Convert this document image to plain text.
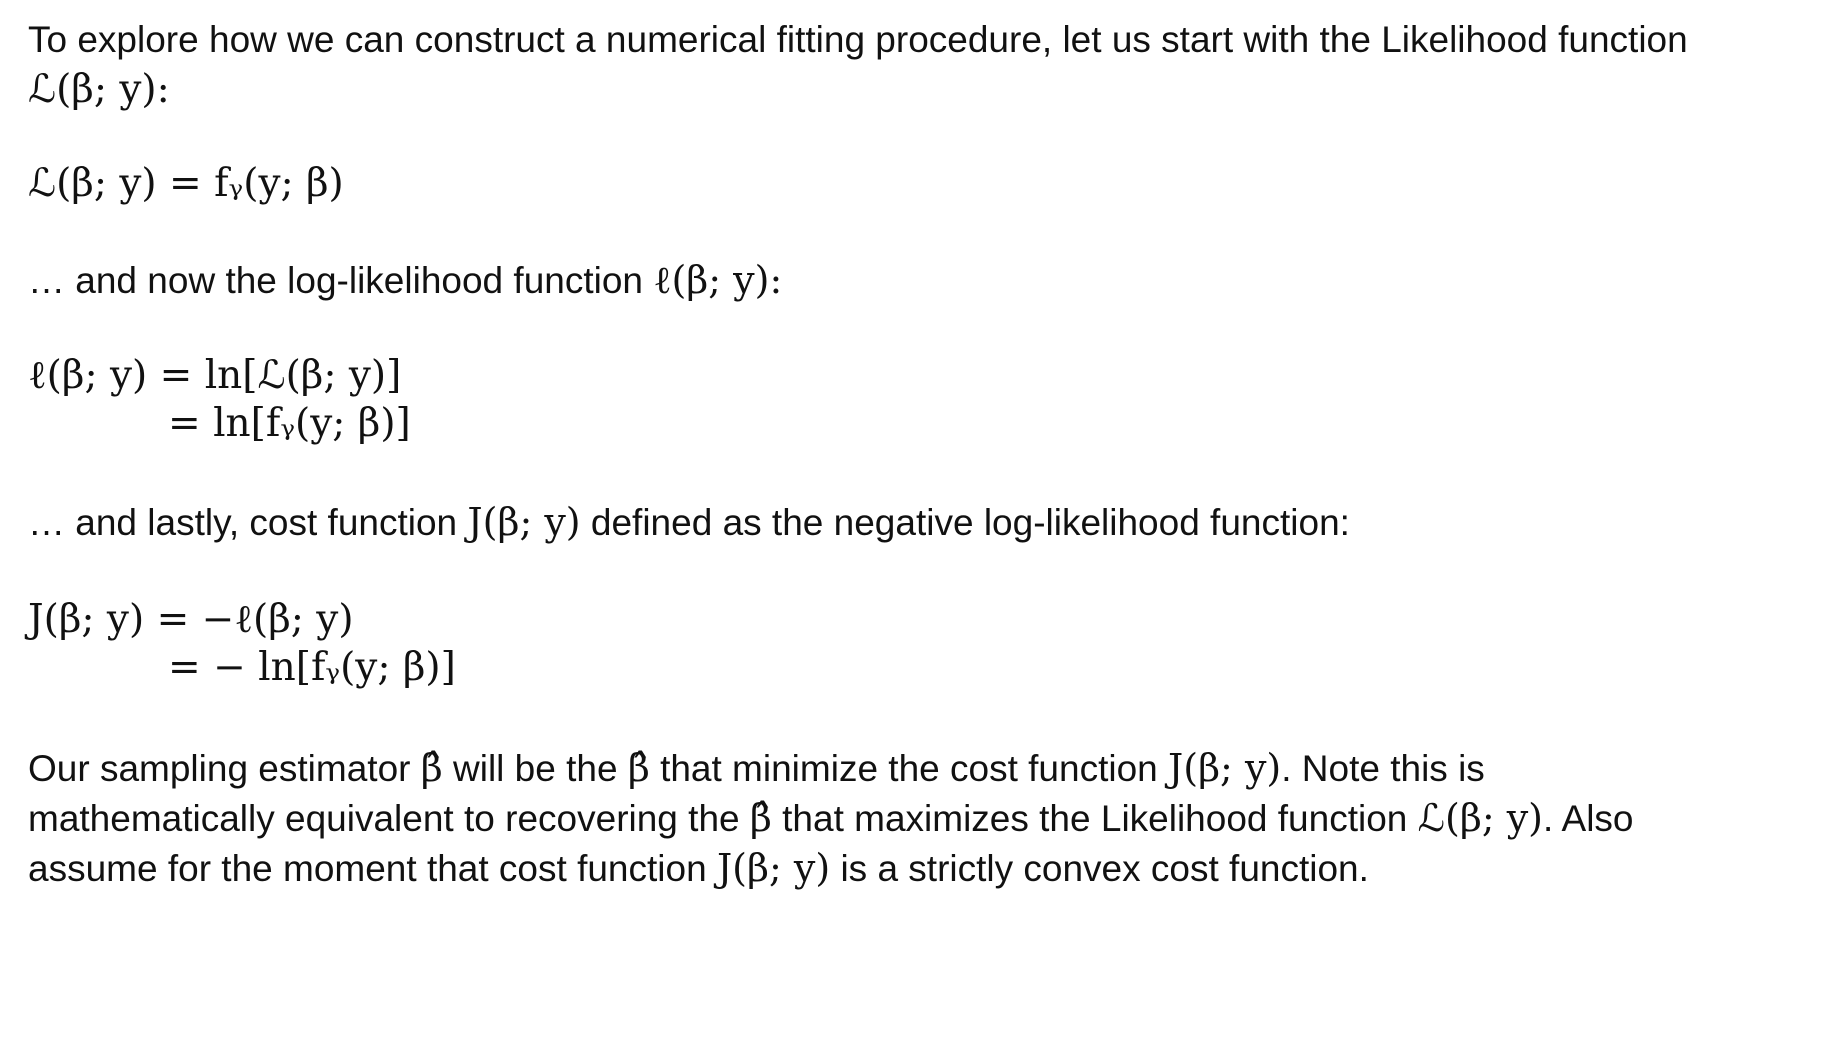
To explore how we can construct a numerical fitting procedure, let us start with the Likelihood function
ℒ(β; y):
ℒ(β; y) = fᵧ(y; β)
… and now the log-likelihood function ℓ(β; y):
ℓ(β; y) = ln[ℒ(β; y)]
= ln[fᵧ(y; β)]
… and lastly, cost function J(β; y) defined as the negative log-likelihood function:
J(β; y) = −ℓ(β; y)
= − ln[fᵧ(y; β)]
Our sampling estimator β̂ will be the β̂ that minimize the cost function J(β; y). Note this is
mathematically equivalent to recovering the β̂ that maximizes the Likelihood function ℒ(β; y). Also
assume for the moment that cost function J(β; y) is a strictly convex cost function.
